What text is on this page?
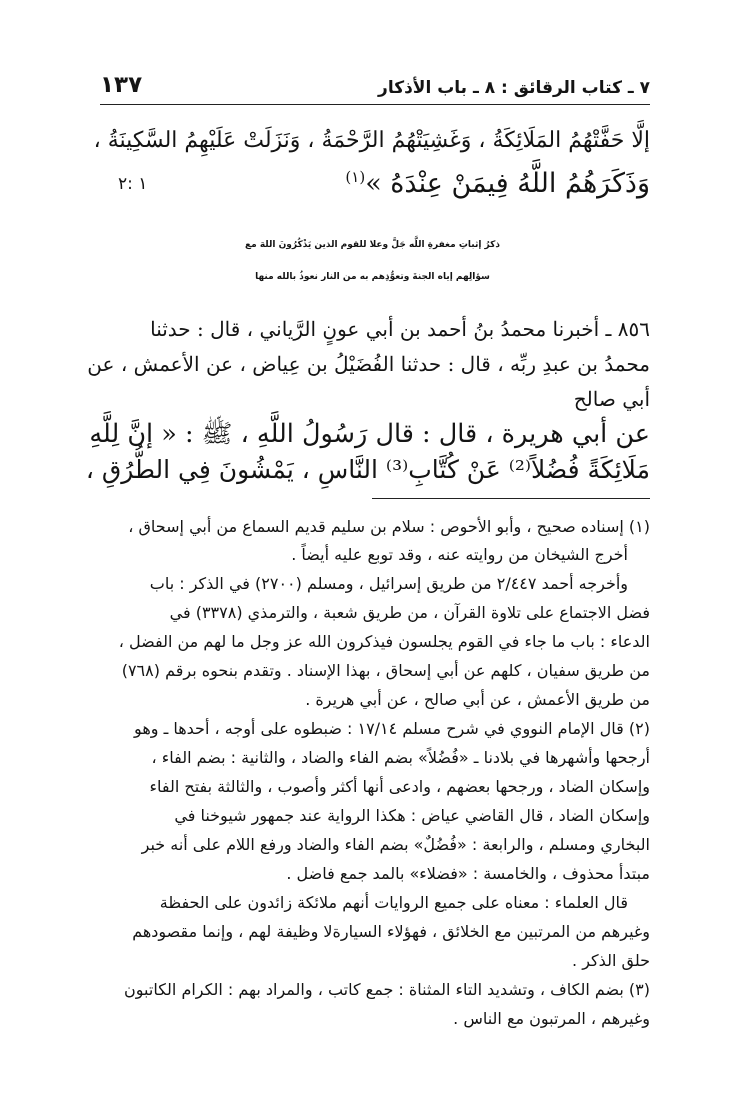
٧ ـ كتاب الرقائق : ٨ ـ باب الأذكار
١٣٧
إلَّا حَفَّتْهُمُ المَلَائِكَةُ ، وَغَشِيَتْهُمُ الرَّحْمَةُ ، وَنَزَلَتْ عَلَيْهِمُ السَّكِينَةُ ،
وَذَكَرَهُمُ اللَّهُ فِيمَنْ عِنْدَهُ »$^{(١)}$
١ :٢
ذكرُ إثباتِ مغفرةِ اللَّه جَلَّ وعلا للقوم الذين يَذْكُرُونَ اللهَ مع
سؤالِهم إياه الجنةَ وتعوُّذِهم به من النار نعوذُ بالله منها
٨٥٦ ـ أخبرنا محمدُ بنُ أحمد بن أبي عونٍ الرَّياني ، قال : حدثنا
محمدُ بن عبدِ ربِّه ، قال : حدثنا الفُضَيْلُ بن عِياض ، عن الأعمش ، عن
أبي صالح
عن أبي هريرة ، قال : قال رَسُولُ اللَّهِ ، ﷺ : « إنَّ لِلَّهِ
مَلَائِكَةً فُضُلاً⁽²⁾ عَنْ كُتَّابِ⁽³⁾ النَّاسِ ، يَمْشُونَ فِي الطُّرُقِ ،
(١) إسناده صحيح ، وأبو الأحوص : سلام بن سليم قديم السماع من أبي إسحاق ،
أخرج الشيخان من روايته عنه ، وقد توبع عليه أيضاً .
وأخرجه أحمد ٢/٤٤٧ من طريق إسرائيل ، ومسلم (٢٧٠٠) في الذكر : باب
فضل الاجتماع على تلاوة القرآن ، من طريق شعبة ، والترمذي (٣٣٧٨) في
الدعاء : باب ما جاء في القوم يجلسون فيذكرون الله عز وجل ما لهم من الفضل ،
من طريق سفيان ، كلهم عن أبي إسحاق ، بهذا الإسناد . وتقدم بنحوه برقم (٧٦٨)
من طريق الأعمش ، عن أبي صالح ، عن أبي هريرة .
(٢) قال الإمام النووي في شرح مسلم ١٧/١٤ : ضبطوه على أوجه ، أحدها ـ وهو
أرجحها وأشهرها في بلادنا ـ «فُضُلاً» بضم الفاء والضاد ، والثانية : بضم الفاء ،
وإسكان الضاد ، ورجحها بعضهم ، وادعى أنها أكثر وأصوب ، والثالثة بفتح الفاء
وإسكان الضاد ، قال القاضي عياض : هكذا الرواية عند جمهور شيوخنا في
البخاري ومسلم ، والرابعة : «فُضُلٌ» بضم الفاء والضاد ورفع اللام على أنه خبر
مبتدأ محذوف ، والخامسة : «فضلاء» بالمد جمع فاضل .
قال العلماء : معناه على جميع الروايات أنهم ملائكة زائدون على الحفظة
وغيرهم من المرتبين مع الخلائق ، فهؤلاء السيارةلا وظيفة لهم ، وإنما مقصودهم
حلق الذكر .
(٣) بضم الكاف ، وتشديد التاء المثناة : جمع كاتب ، والمراد بهم : الكرام الكاتبون
وغيرهم ، المرتبون مع الناس .
